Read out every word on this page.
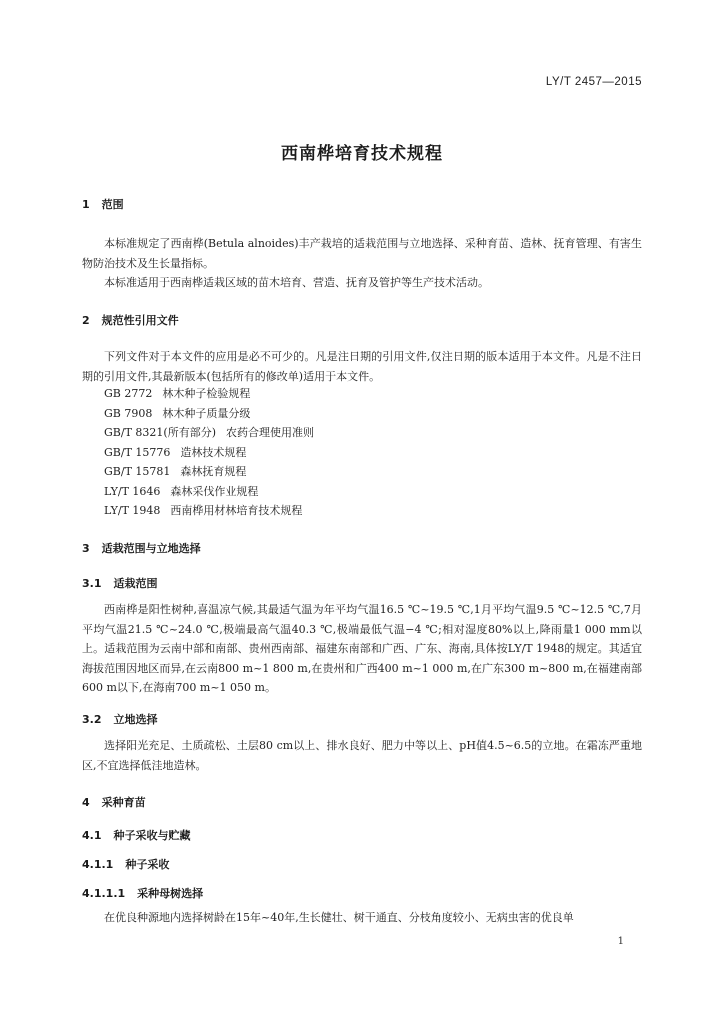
LY/T 2457—2015
西南桦培育技术规程
1 范围
本标准规定了西南桦(Betula alnoides)丰产栽培的适栽范围与立地选择、采种育苗、造林、抚育管理、有害生物防治技术及生长量指标。
本标准适用于西南桦适栽区域的苗木培育、营造、抚育及管护等生产技术活动。
2 规范性引用文件
下列文件对于本文件的应用是必不可少的。凡是注日期的引用文件,仅注日期的版本适用于本文件。凡是不注日期的引用文件,其最新版本(包括所有的修改单)适用于本文件。
GB 2772 林木种子检验规程
GB 7908 林木种子质量分级
GB/T 8321(所有部分) 农药合理使用准则
GB/T 15776 造林技术规程
GB/T 15781 森林抚育规程
LY/T 1646 森林采伐作业规程
LY/T 1948 西南桦用材林培育技术规程
3 适栽范围与立地选择
3.1 适栽范围
西南桦是阳性树种,喜温凉气候,其最适气温为年平均气温16.5 ℃~19.5 ℃,1月平均气温9.5 ℃~12.5 ℃,7月平均气温21.5 ℃~24.0 ℃,极端最高气温40.3 ℃,极端最低气温−4 ℃;相对湿度80%以上,降雨量1 000 mm以上。适栽范围为云南中部和南部、贵州西南部、福建东南部和广西、广东、海南,具体按LY/T 1948的规定。其适宜海拔范围因地区而异,在云南800 m~1 800 m,在贵州和广西400 m~1 000 m,在广东300 m~800 m,在福建南部600 m以下,在海南700 m~1 050 m。
3.2 立地选择
选择阳光充足、土质疏松、土层80 cm以上、排水良好、肥力中等以上、pH值4.5~6.5的立地。在霜冻严重地区,不宜选择低洼地造林。
4 采种育苗
4.1 种子采收与贮藏
4.1.1 种子采收
4.1.1.1 采种母树选择
在优良种源地内选择树龄在15年~40年,生长健壮、树干通直、分枝角度较小、无病虫害的优良单
1
